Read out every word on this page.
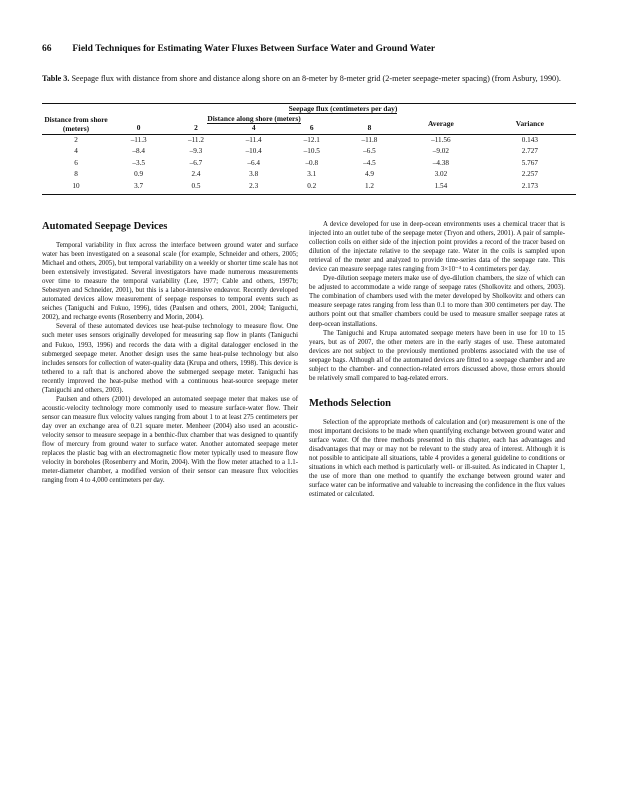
66 Field Techniques for Estimating Water Fluxes Between Surface Water and Ground Water
Table 3. Seepage flux with distance from shore and distance along shore on an 8-meter by 8-meter grid (2-meter seepage-meter spacing) (from Asbury, 1990).
Distance from shore (meters)	Seepage flux (centimeters per day)						
	Distance along shore (meters)					Average	Variance
	0	2	4	6	8		
2	–11.3	–11.2	–11.4	–12.1	–11.8	–11.56	0.143
4	–8.4	–9.3	–10.4	–10.5	–6.5	–9.02	2.727
6	–3.5	–6.7	–6.4	–0.8	–4.5	–4.38	5.767
8	0.9	2.4	3.8	3.1	4.9	3.02	2.257
10	3.7	0.5	2.3	0.2	1.2	1.54	2.173
Automated Seepage Devices

Temporal variability in flux across the interface between ground water and surface water has been investigated on a seasonal scale (for example, Schneider and others, 2005; Michael and others, 2005), but temporal variability on a weekly or shorter time scale has not been extensively investigated. Several investigators have made numerous measurements over time to measure the temporal variability (Lee, 1977; Cable and others, 1997b; Sebestyen and Schneider, 2001), but this is a labor-intensive endeavor. Recently developed automated devices allow measurement of seepage responses to temporal events such as seiches (Taniguchi and Fukuo, 1996), tides (Paulsen and others, 2001, 2004; Taniguchi, 2002), and recharge events (Rosenberry and Morin, 2004).

Several of these automated devices use heat-pulse technology to measure flow. One such meter uses sensors originally developed for measuring sap flow in plants (Taniguchi and Fukuo, 1993, 1996) and records the data with a digital datalogger enclosed in the submerged seepage meter. Another design uses the same heat-pulse technology but also includes sensors for collection of water-quality data (Krupa and others, 1998). This device is tethered to a raft that is anchored above the submerged seepage meter. Taniguchi has recently improved the heat-pulse method with a continuous heat-source seepage meter (Taniguchi and others, 2003).

Paulsen and others (2001) developed an automated seepage meter that makes use of acoustic-velocity technology more commonly used to measure surface-water flow. Their sensor can measure flux velocity values ranging from about 1 to at least 275 centimeters per day over an exchange area of 0.21 square meter. Menheer (2004) also used an acoustic-velocity sensor to measure seepage in a benthic-flux chamber that was designed to quantify flow of mercury from ground water to surface water. Another automated seepage meter replaces the plastic bag with an electromagnetic flow meter typically used to measure flow velocity in boreholes (Rosenberry and Morin, 2004). With the flow meter attached to a 1.1-meter-diameter chamber, a modified version of their sensor can measure flux velocities ranging from 4 to 4,000 centimeters per day.

A device developed for use in deep-ocean environments uses a chemical tracer that is injected into an outlet tube of the seepage meter (Tryon and others, 2001). A pair of sample-collection coils on either side of the injection point provides a record of the tracer based on dilution of the injectate relative to the seepage rate. Water in the coils is sampled upon retrieval of the meter and analyzed to provide time-series data of the seepage rate. This device can measure seepage rates ranging from 3×10⁻⁴ to 4 centimeters per day.

Dye-dilution seepage meters make use of dye-dilution chambers, the size of which can be adjusted to accommodate a wide range of seepage rates (Sholkovitz and others, 2003). The combination of chambers used with the meter developed by Sholkovitz and others can measure seepage rates ranging from less than 0.1 to more than 300 centimeters per day. The authors point out that smaller chambers could be used to measure smaller seepage rates at deep-ocean installations.

The Taniguchi and Krupa automated seepage meters have been in use for 10 to 15 years, but as of 2007, the other meters are in the early stages of use. These automated devices are not subject to the previously mentioned problems associated with the use of seepage bags. Although all of the automated devices are fitted to a seepage chamber and are subject to the chamber- and connection-related errors discussed above, those errors should be relatively small compared to bag-related errors.

Methods Selection

Selection of the appropriate methods of calculation and (or) measurement is one of the most important decisions to be made when quantifying exchange between ground water and surface water. Of the three methods presented in this chapter, each has advantages and disadvantages that may or may not be relevant to the study area of interest. Although it is not possible to anticipate all situations, table 4 provides a general guideline to conditions or situations in which each method is particularly well- or ill-suited. As indicated in Chapter 1, the use of more than one method to quantify the exchange between ground water and surface water can be informative and valuable to increasing the confidence in the flux values estimated or calculated.
